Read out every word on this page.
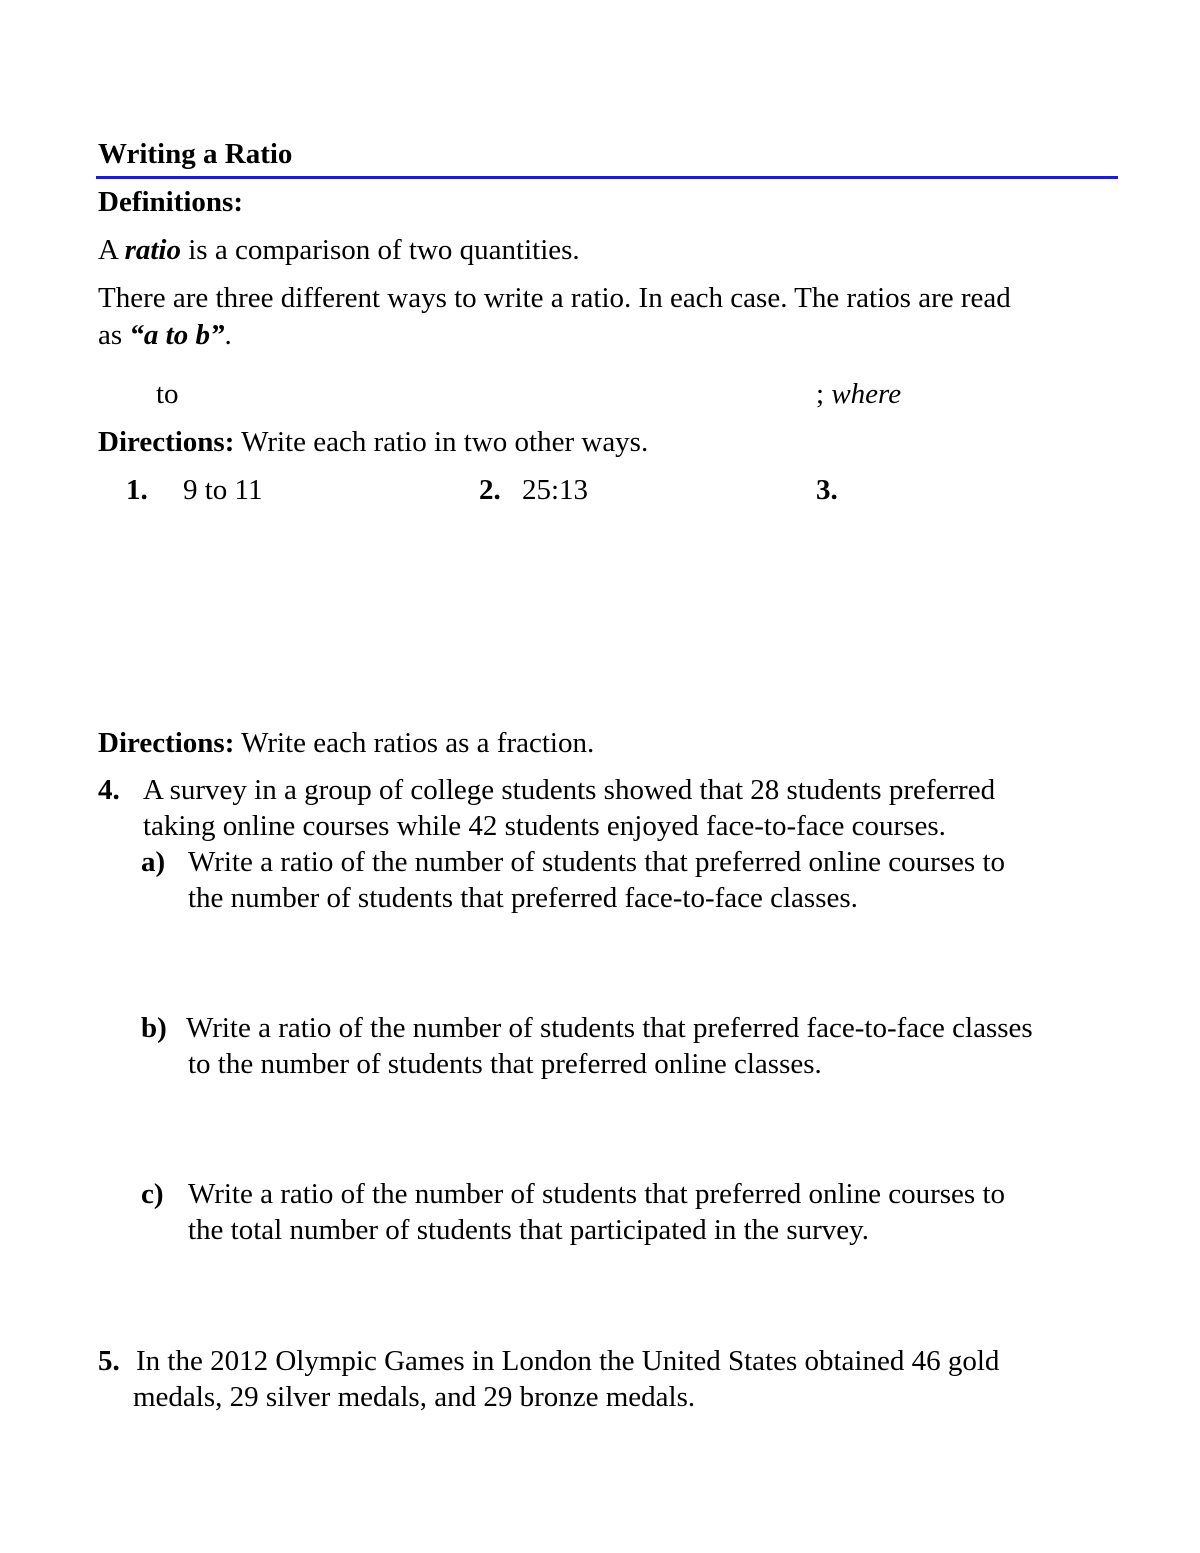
Writing a Ratio
Definitions:
A ratio is a comparison of two quantities.
There are three different ways to write a ratio. In each case. The ratios are read
as “a to b”.
to	; where
Directions: Write each ratio in two other ways.
1. 9 to 11	2. 25:13	3.
Directions: Write each ratios as a fraction.
4. A survey in a group of college students showed that 28 students preferred
taking online courses while 42 students enjoyed face-to-face courses.
a) Write a ratio of the number of students that preferred online courses to
the number of students that preferred face-to-face classes.
b) Write a ratio of the number of students that preferred face-to-face classes
to the number of students that preferred online classes.
c) Write a ratio of the number of students that preferred online courses to
the total number of students that participated in the survey.
5. In the 2012 Olympic Games in London the United States obtained 46 gold
medals, 29 silver medals, and 29 bronze medals.
